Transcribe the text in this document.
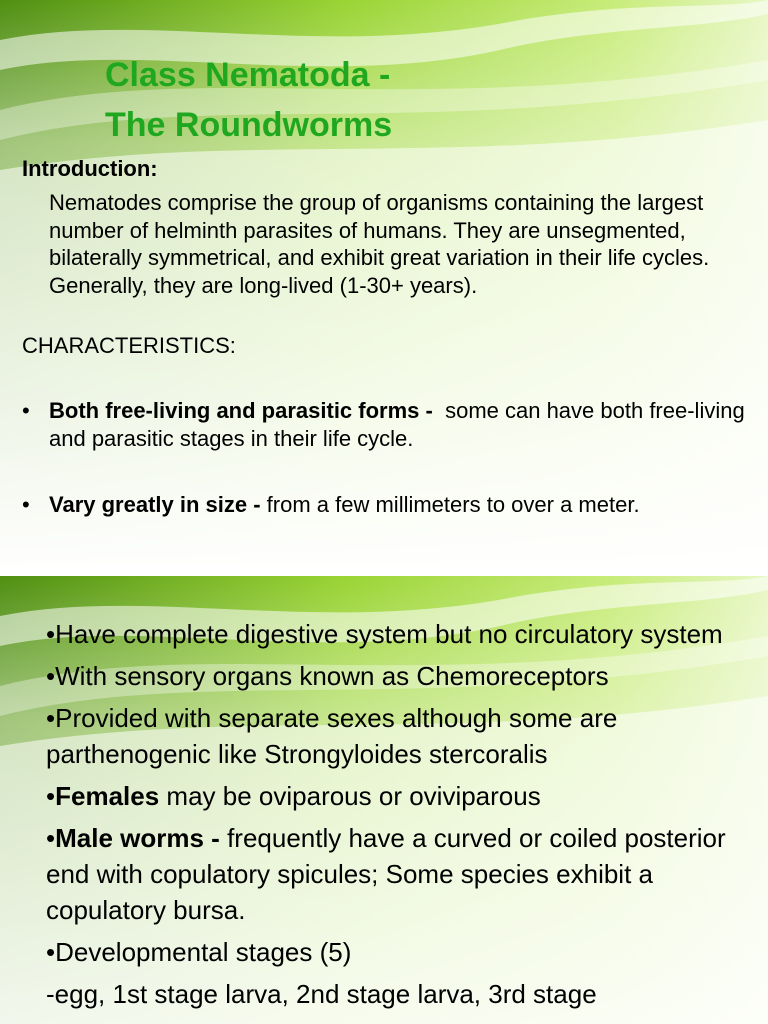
Class Nematoda -
The Roundworms
Introduction:
Nematodes comprise the group of organisms containing the largest number of helminth parasites of humans. They are unsegmented, bilaterally symmetrical, and exhibit great variation in their life cycles. Generally, they are long-lived (1-30+ years).
CHARACTERISTICS:
• Both free-living and parasitic forms - some can have both free-living and parasitic stages in their life cycle.
• Vary greatly in size - from a few millimeters to over a meter.
•Have complete digestive system but no circulatory system
•With sensory organs known as Chemoreceptors
•Provided with separate sexes although some are parthenogenic like Strongyloides stercoralis
•Females may be oviparous or oviviparous
•Male worms - frequently have a curved or coiled posterior end with copulatory spicules; Some species exhibit a copulatory bursa.
•Developmental stages (5)
-egg, 1st stage larva, 2nd stage larva, 3rd stage
